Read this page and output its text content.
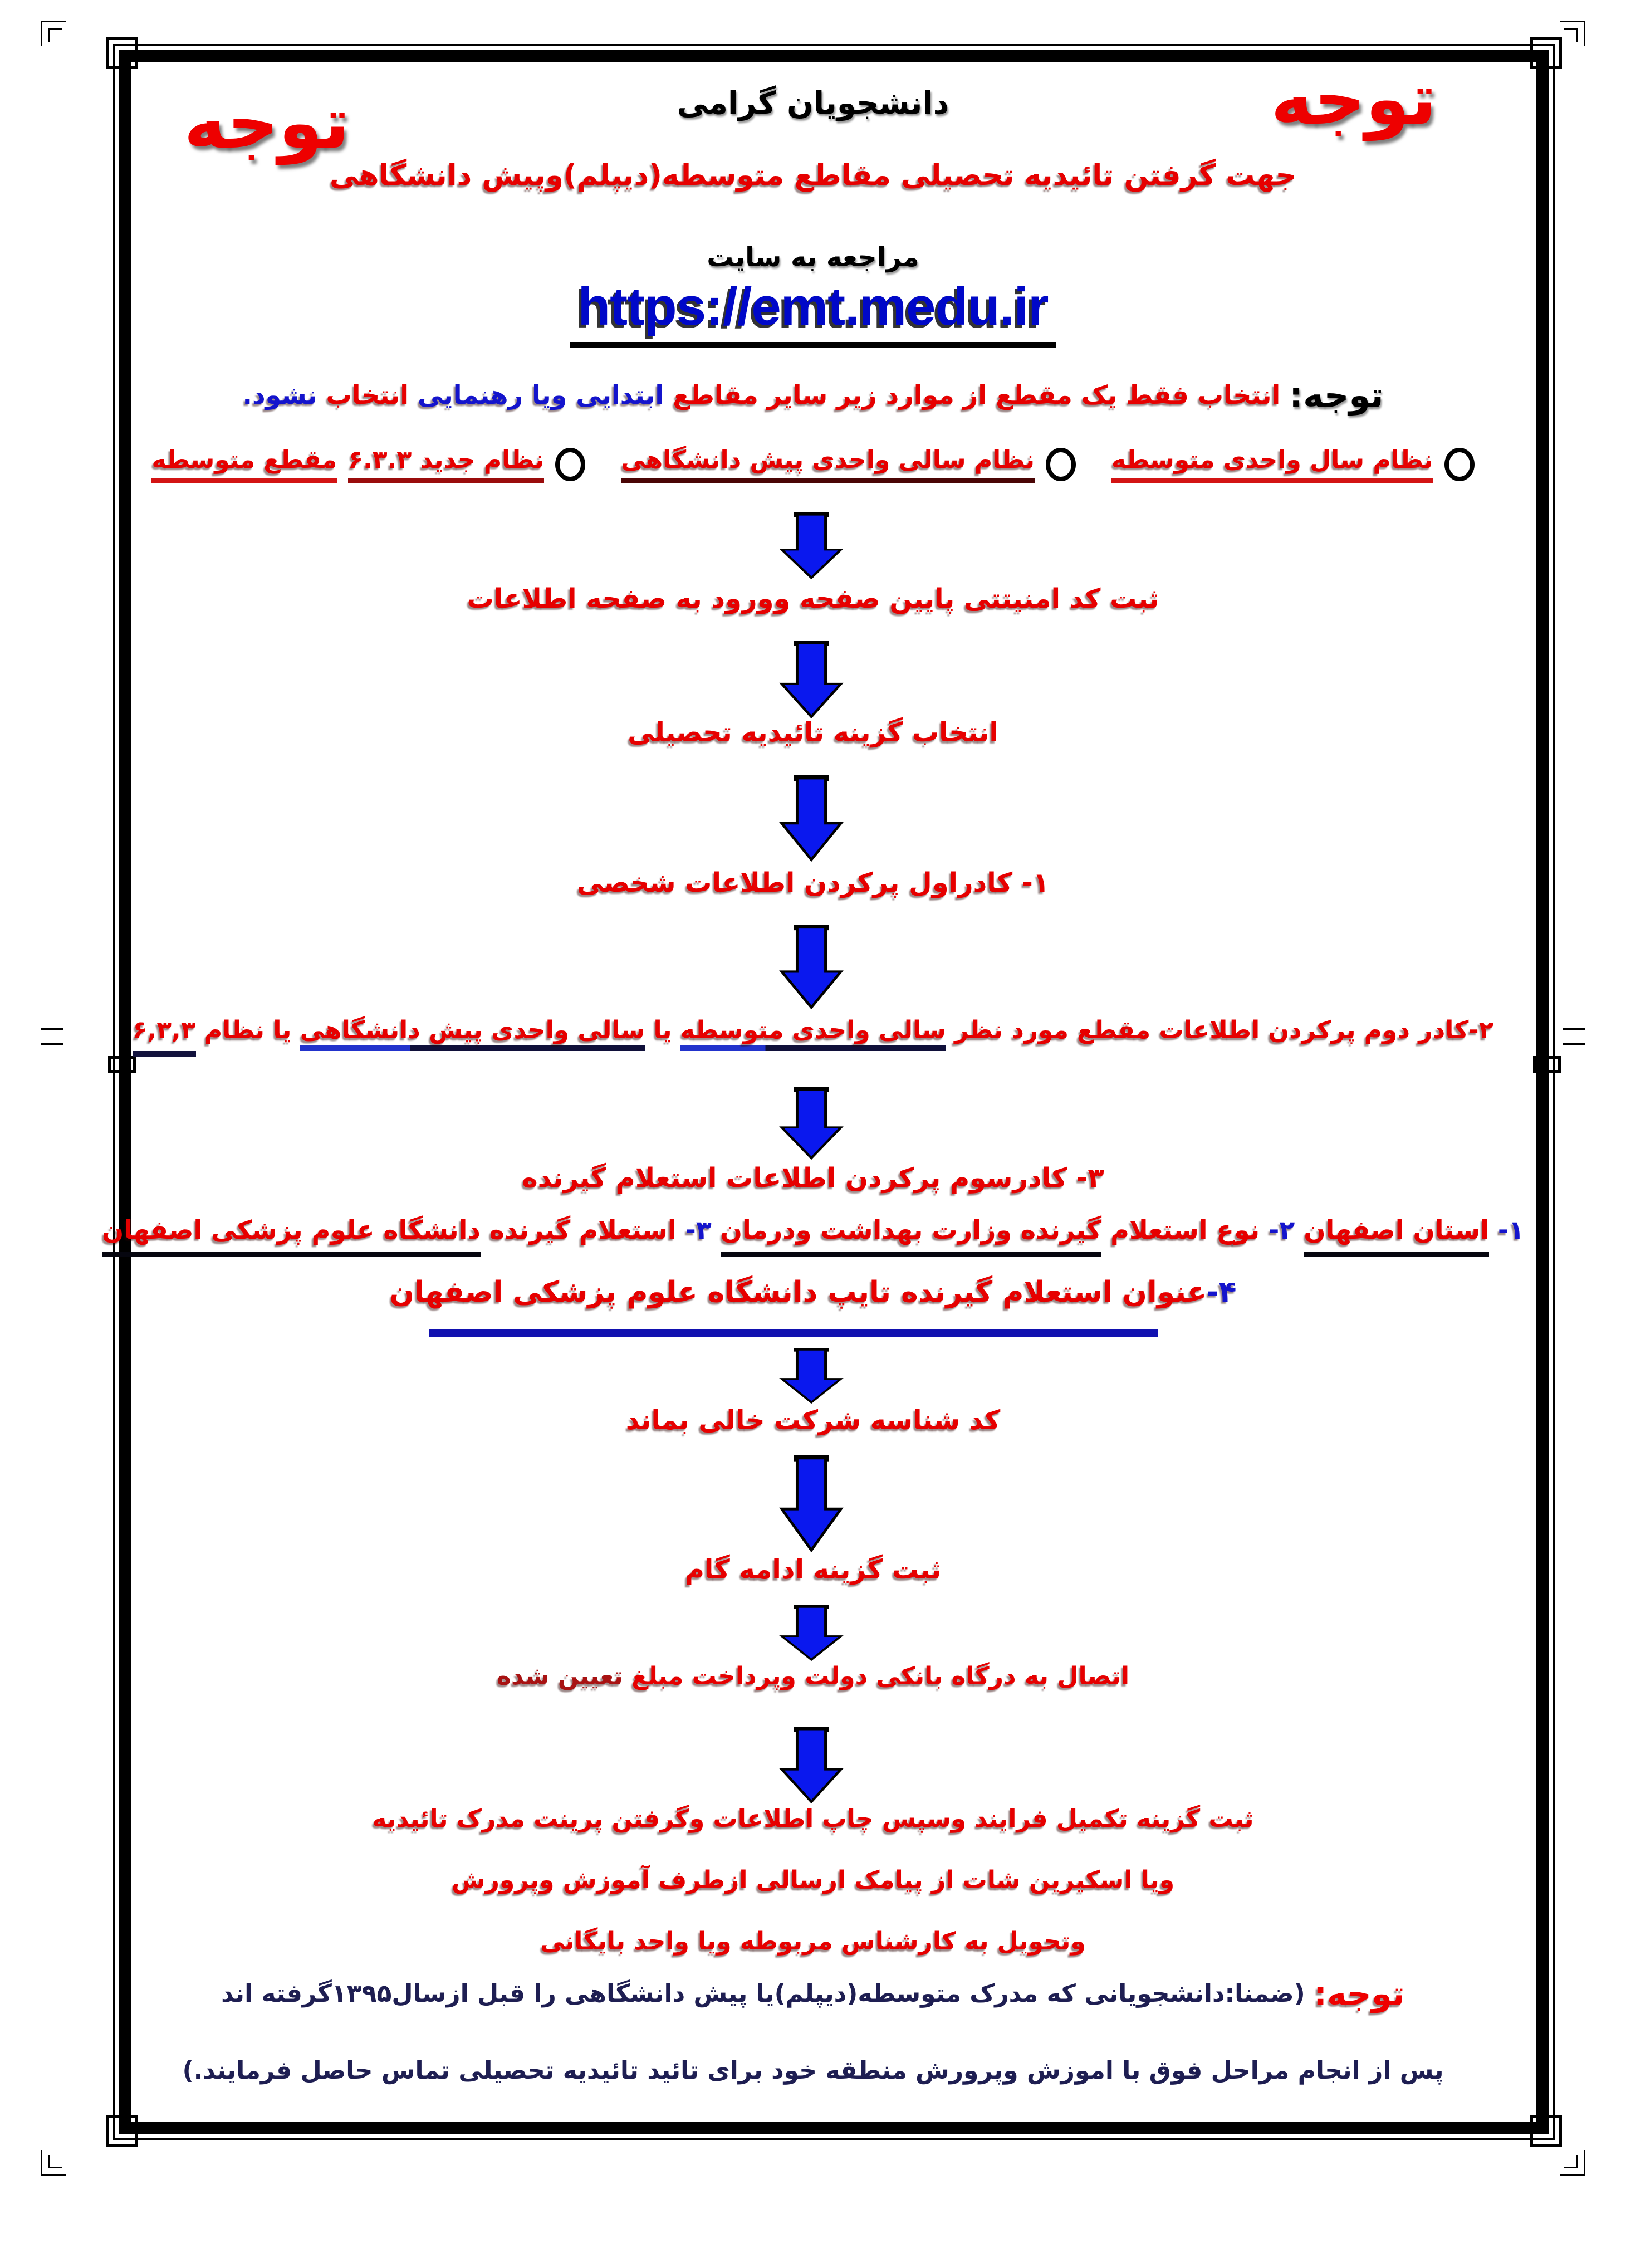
توجه
توجه	دانشجویان گرامی
جهت گرفتن تائیدیه تحصیلی مقاطع متوسطه(دیپلم)وپیش دانشگاهی
مراجعه به سایت
https://emt.medu.ir
توجه: انتخاب فقط یک مقطع از موارد زیر سایر مقاطع ابتدایی ویا رهنمایی انتخاب نشود.
نظام سال واحدی متوسطه
نظام سالی واحدی پیش دانشگاهی
نظام جدید ۶.۳.۳
مقطع متوسطه
ثبت کد امنیتتی پایین صفحه وورود به صفحه اطلاعات
انتخاب گزینه تائیدیه تحصیلی
۱- کادراول پرکردن اطلاعات شخصی
۲-کادر دوم پرکردن اطلاعات مقطع مورد نظر سالی واحدی متوسطه یا سالی واحدی پیش دانشگاهی یا نظام ۶,۳,۳
۳- کادرسوم پرکردن اطلاعات استعلام گیرنده
۱- استان اصفهان ۲- نوع استعلام گیرنده وزارت بهداشت ودرمان ۳- استعلام گیرنده دانشگاه علوم پزشکی اصفهان
۴-عنوان استعلام گیرنده تایپ دانشگاه علوم پزشکی اصفهان
کد شناسه شرکت خالی بماند
ثبت گزینه ادامه گام
اتصال به درگاه بانکی دولت وپرداخت مبلغ تعیین شده
ثبت گزینه تکمیل فرایند وسپس چاپ اطلاعات وگرفتن پرینت مدرک تائیدیه
ویا اسکیرین شات از پیامک ارسالی ازطرف آموزش وپرورش
وتحویل به کارشناس مربوطه ویا واحد بایگانی
توجه: (ضمنا:دانشجویانی که مدرک متوسطه(دیپلم)یا پیش دانشگاهی را قبل ازسال۱۳۹۵گرفته اند
پس از انجام مراحل فوق با اموزش وپرورش منطقه خود برای تائید تائیدیه تحصیلی تماس حاصل فرمایند.)
